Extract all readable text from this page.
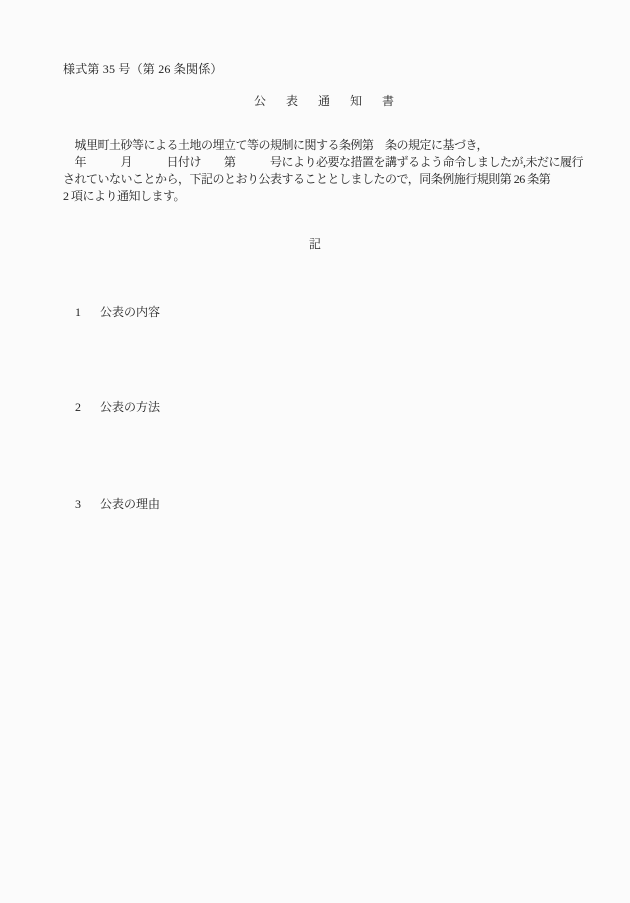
様式第 35 号（第 26 条関係）
公　表　通　知　書
　城里町土砂等による土地の埋立て等の規制に関する条例第　条の規定に基づき，
　年　　　月　　　日付け　　第　　　号により必要な措置を講ずるよう命令しましたが,未だに履行
されていないことから，下記のとおり公表することとしましたので，同条例施行規則第 26 条第
2 項により通知します。
記

1 公表の内容

2 公表の方法

3 公表の理由
